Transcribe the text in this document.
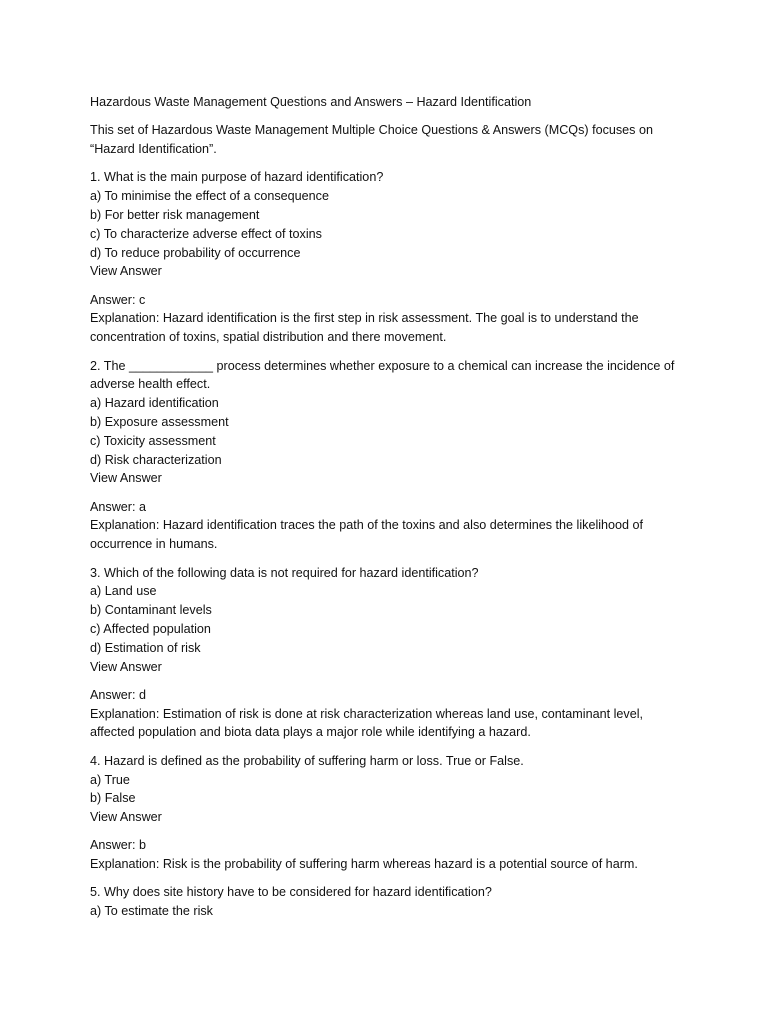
Hazardous Waste Management Questions and Answers – Hazard Identification
This set of Hazardous Waste Management Multiple Choice Questions & Answers (MCQs) focuses on
“Hazard Identification”.
1. What is the main purpose of hazard identification?
a) To minimise the effect of a consequence
b) For better risk management
c) To characterize adverse effect of toxins
d) To reduce probability of occurrence
View Answer
Answer: c
Explanation: Hazard identification is the first step in risk assessment. The goal is to understand the
concentration of toxins, spatial distribution and there movement.
2. The ____________ process determines whether exposure to a chemical can increase the incidence of
adverse health effect.
a) Hazard identification
b) Exposure assessment
c) Toxicity assessment
d) Risk characterization
View Answer
Answer: a
Explanation: Hazard identification traces the path of the toxins and also determines the likelihood of
occurrence in humans.
3. Which of the following data is not required for hazard identification?
a) Land use
b) Contaminant levels
c) Affected population
d) Estimation of risk
View Answer
Answer: d
Explanation: Estimation of risk is done at risk characterization whereas land use, contaminant level,
affected population and biota data plays a major role while identifying a hazard.
4. Hazard is defined as the probability of suffering harm or loss. True or False.
a) True
b) False
View Answer
Answer: b
Explanation: Risk is the probability of suffering harm whereas hazard is a potential source of harm.
5. Why does site history have to be considered for hazard identification?
a) To estimate the risk
